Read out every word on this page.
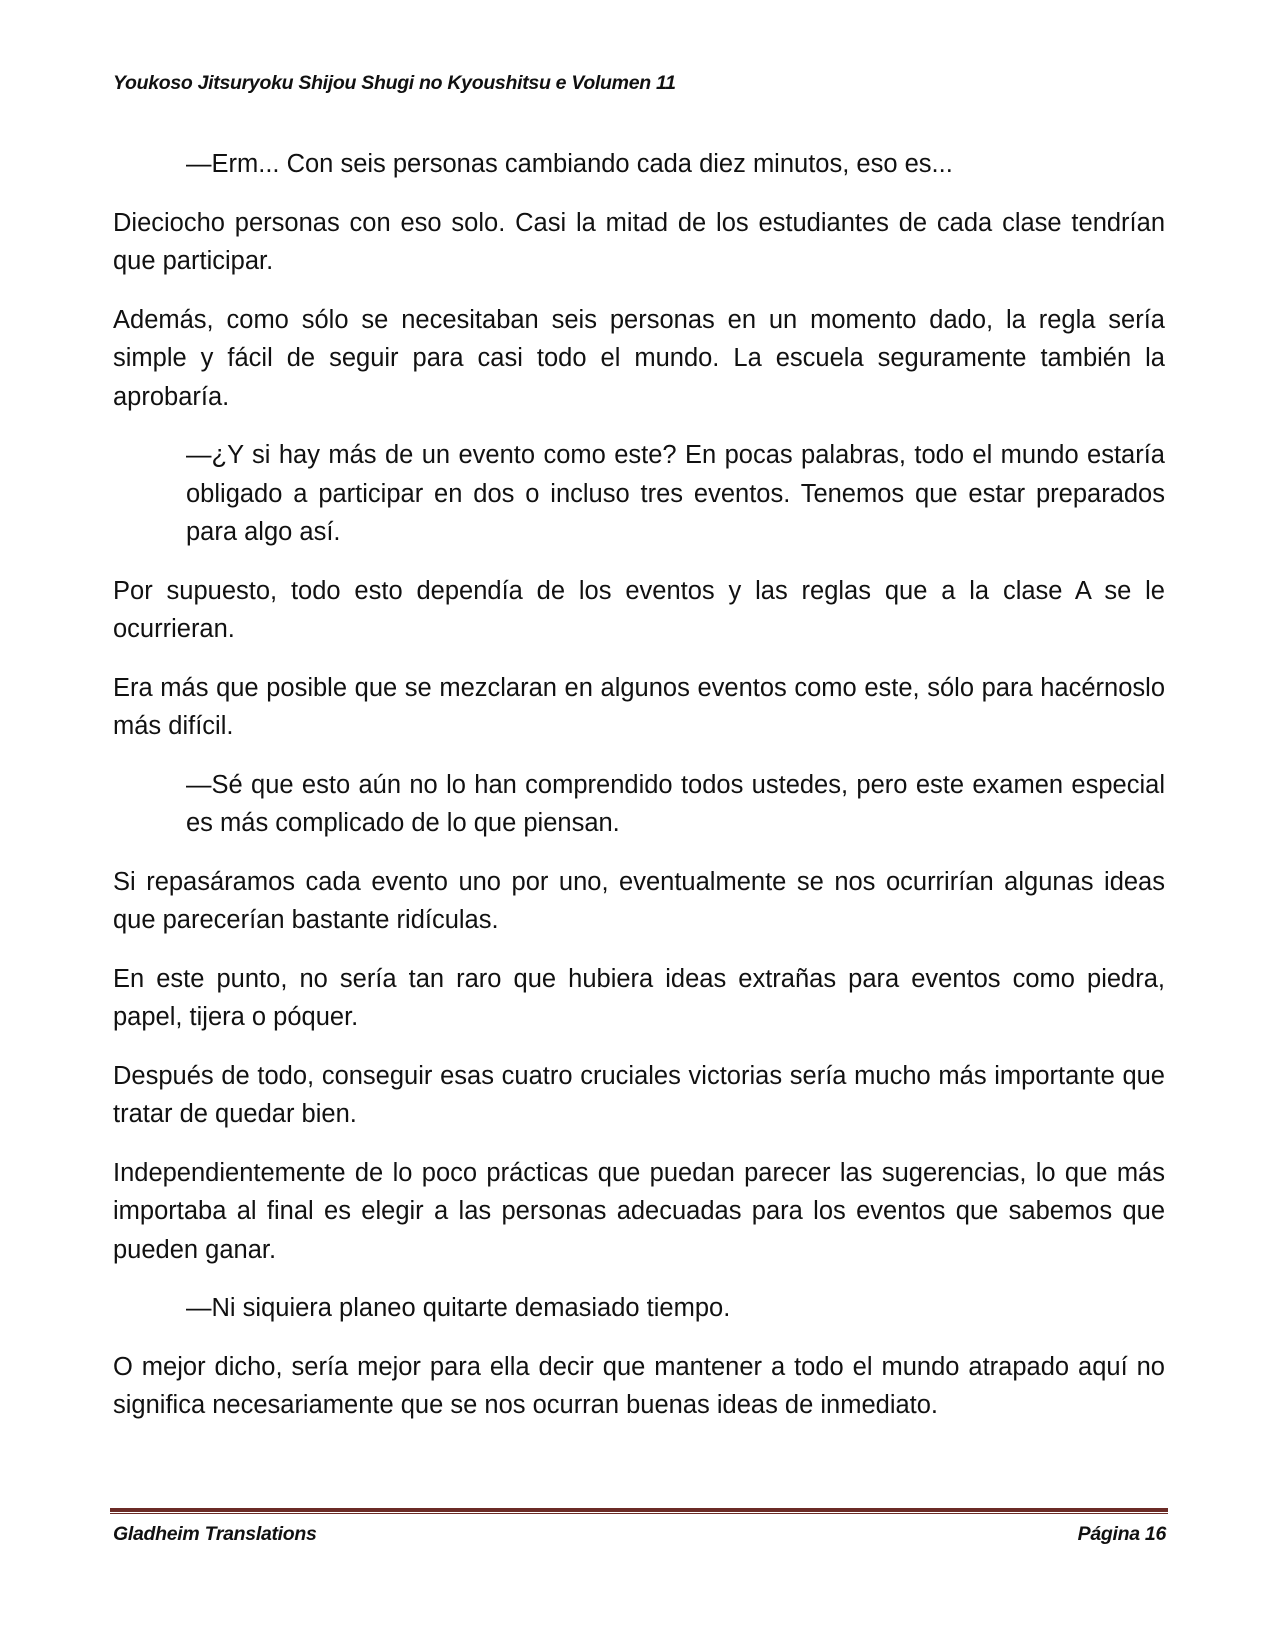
Youkoso Jitsuryoku Shijou Shugi no Kyoushitsu e Volumen 11

—Erm... Con seis personas cambiando cada diez minutos, eso es...

Dieciocho personas con eso solo. Casi la mitad de los estudiantes de cada clase tendrían que participar.

Además, como sólo se necesitaban seis personas en un momento dado, la regla sería simple y fácil de seguir para casi todo el mundo. La escuela seguramente también la aprobaría.

—¿Y si hay más de un evento como este? En pocas palabras, todo el mundo estaría obligado a participar en dos o incluso tres eventos. Tenemos que estar preparados para algo así.

Por supuesto, todo esto dependía de los eventos y las reglas que a la clase A se le ocurrieran.

Era más que posible que se mezclaran en algunos eventos como este, sólo para hacérnoslo más difícil.

—Sé que esto aún no lo han comprendido todos ustedes, pero este examen especial es más complicado de lo que piensan.

Si repasáramos cada evento uno por uno, eventualmente se nos ocurrirían algunas ideas que parecerían bastante ridículas.

En este punto, no sería tan raro que hubiera ideas extrañas para eventos como piedra, papel, tijera o póquer.

Después de todo, conseguir esas cuatro cruciales victorias sería mucho más importante que tratar de quedar bien.

Independientemente de lo poco prácticas que puedan parecer las sugerencias, lo que más importaba al final es elegir a las personas adecuadas para los eventos que sabemos que pueden ganar.

—Ni siquiera planeo quitarte demasiado tiempo.

O mejor dicho, sería mejor para ella decir que mantener a todo el mundo atrapado aquí no significa necesariamente que se nos ocurran buenas ideas de inmediato.

Gladheim Translations	Página 16
